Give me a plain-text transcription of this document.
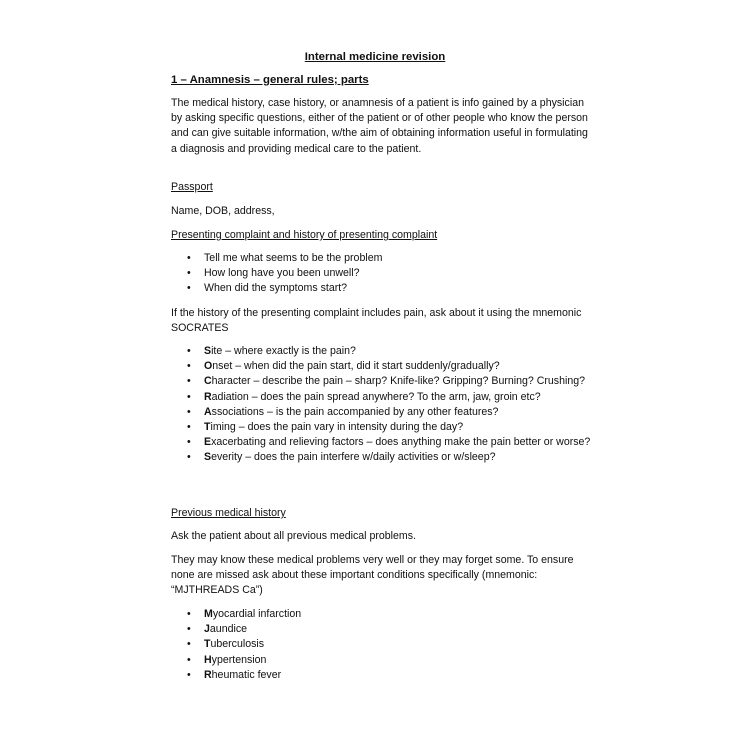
Internal medicine revision
1 – Anamnesis – general rules; parts

The medical history, case history, or anamnesis of a patient is info gained by a physician by asking specific questions, either of the patient or of other people who know the person and can give suitable information, w/the aim of obtaining information useful in formulating a diagnosis and providing medical care to the patient.

Passport

Name, DOB, address,

Presenting complaint and history of presenting complaint
• Tell me what seems to be the problem
• How long have you been unwell?
• When did the symptoms start?

If the history of the presenting complaint includes pain, ask about it using the mnemonic SOCRATES

• Site – where exactly is the pain?
• Onset – when did the pain start, did it start suddenly/gradually?
• Character – describe the pain – sharp? Knife-like? Gripping? Burning? Crushing?
• Radiation – does the pain spread anywhere? To the arm, jaw, groin etc?
• Associations – is the pain accompanied by any other features?
• Timing – does the pain vary in intensity during the day?
• Exacerbating and relieving factors – does anything make the pain better or worse?
• Severity – does the pain interfere w/daily activities or w/sleep?
Previous medical history

Ask the patient about all previous medical problems.

They may know these medical problems very well or they may forget some. To ensure none are missed ask about these important conditions specifically (mnemonic: “MJTHREADS Ca”)

• Myocardial infarction
• Jaundice
• Tuberculosis
• Hypertension
• Rheumatic fever
